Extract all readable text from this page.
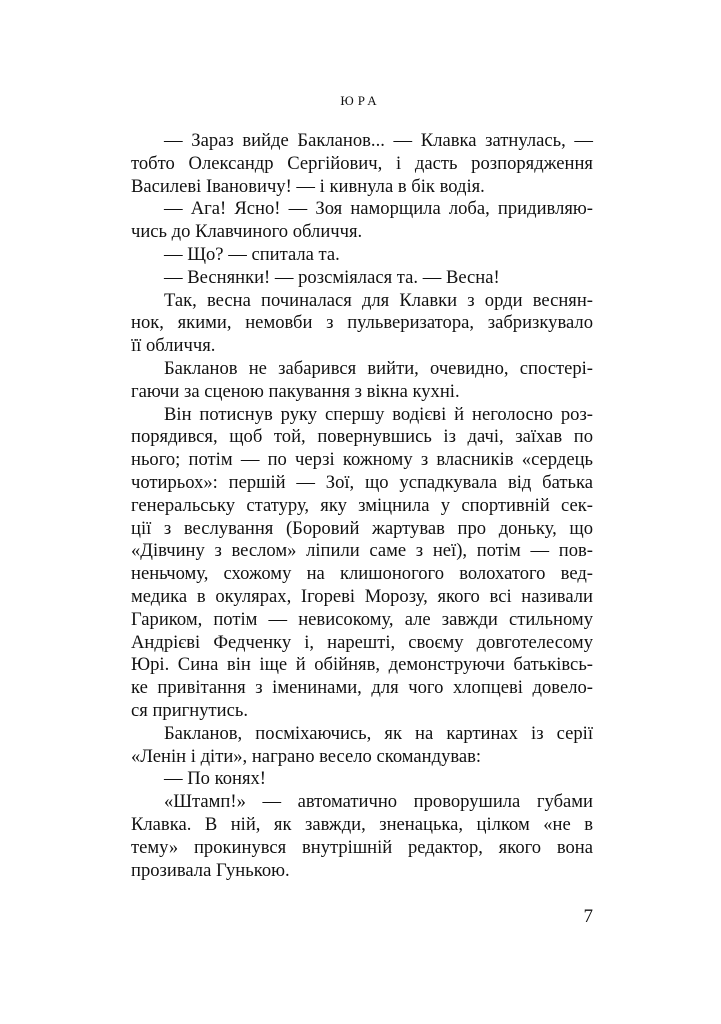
ЮРА
— Зараз вийде Бакланов... — Клавка затнулась, —
тобто Олександр Сергійович, і дасть розпорядження
Василеві Івановичу! — і кивнула в бік водія.
— Ага! Ясно! — Зоя наморщила лоба, придивляю-
чись до Клавчиного обличчя.
— Що? — спитала та.
— Веснянки! — розсміялася та. — Весна!
Так, весна починалася для Клавки з орди веснян-
нок, якими, немовби з пульверизатора, забризкувало
її обличчя.
Бакланов не забарився вийти, очевидно, спостері-
гаючи за сценою пакування з вікна кухні.
Він потиснув руку спершу водієві й неголосно роз-
порядився, щоб той, повернувшись із дачі, заїхав по
нього; потім — по черзі кожному з власників «сердець
чотирьох»: першій — Зої, що успадкувала від батька
генеральську статуру, яку зміцнила у спортивній сек-
ції з веслування (Боровий жартував про доньку, що
«Дівчину з веслом» ліпили саме з неї), потім — пов-
неньчому, схожому на клишоногого волохатого вед-
медика в окулярах, Ігореві Морозу, якого всі називали
Гариком, потім — невисокому, але завжди стильному
Андрієві Федченку і, нарешті, своєму довготелесому
Юрі. Сина він іще й обійняв, демонструючи батьківсь-
ке привітання з іменинами, для чого хлопцеві довело-
ся пригнутись.
Бакланов, посміхаючись, як на картинах із серії
«Ленін і діти», награно весело скомандував:
— По конях!
«Штамп!» — автоматично проворушила губами
Клавка. В ній, як завжди, зненацька, цілком «не в
тему» прокинувся внутрішній редактор, якого вона
прозивала Гунькою.
7
